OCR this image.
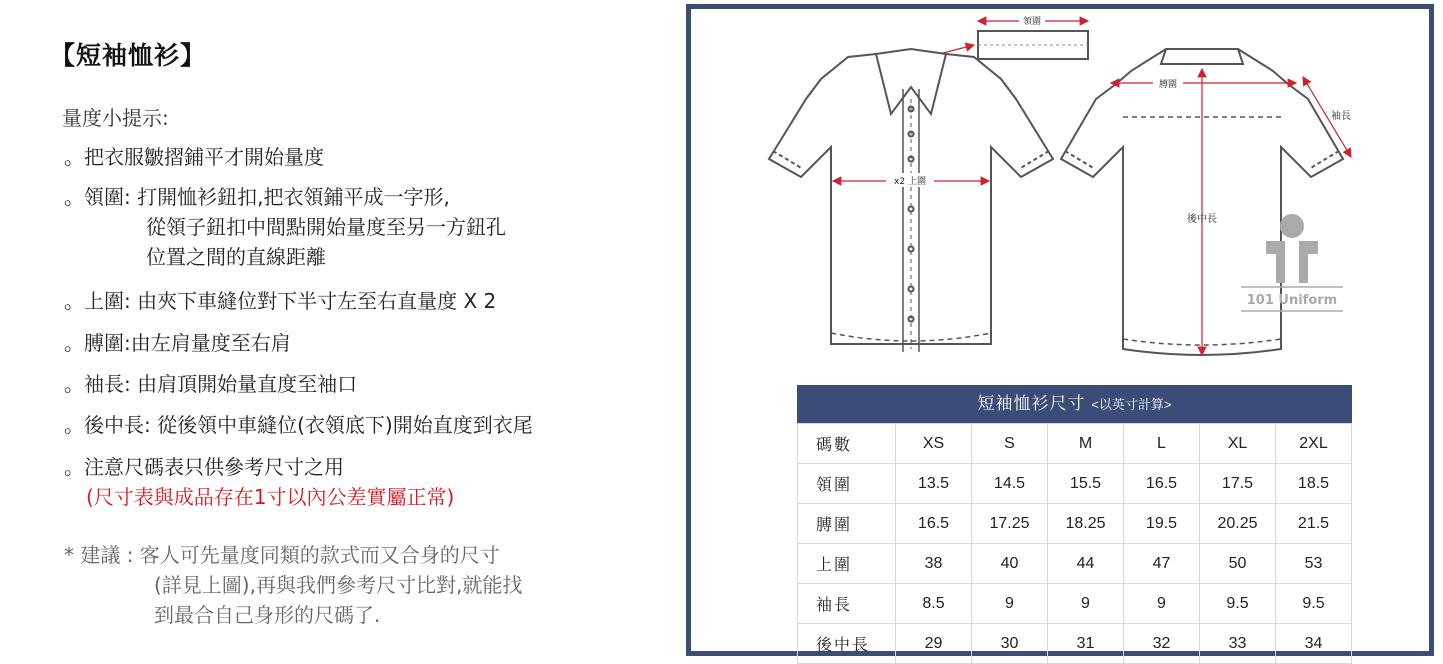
【短袖恤衫】
量度小提示:
。把衣服皺摺鋪平才開始量度
。領圍: 打開恤衫鈕扣,把衣領鋪平成一字形,
從領子鈕扣中間點開始量度至另一方鈕孔
位置之間的直線距離
。上圍: 由夾下車縫位對下半寸左至右直量度 X 2
。膊圍:由左肩量度至右肩
。袖長: 由肩頂開始量直度至袖口
。後中長: 從後領中車縫位(衣領底下)開始直度到衣尾
。注意尺碼表只供參考尺寸之用
(尺寸表與成品存在1寸以內公差實屬正常)
* 建議 : 客人可先量度同類的款式而又合身的尺寸
(詳見上圖),再與我們參考尺寸比對,就能找
到最合自己身形的尺碼了.
領圍
x2 上圍
膊圍
後中長
袖長
101 Uniform
短袖恤衫尺寸 <以英寸計算>
碼數	XS	S	M	L	XL	2XL
領圍	13.5	14.5	15.5	16.5	17.5	18.5
膊圍	16.5	17.25	18.25	19.5	20.25	21.5
上圍	38	40	44	47	50	53
袖長	8.5	9	9	9	9.5	9.5
後中長	29	30	31	32	33	34
